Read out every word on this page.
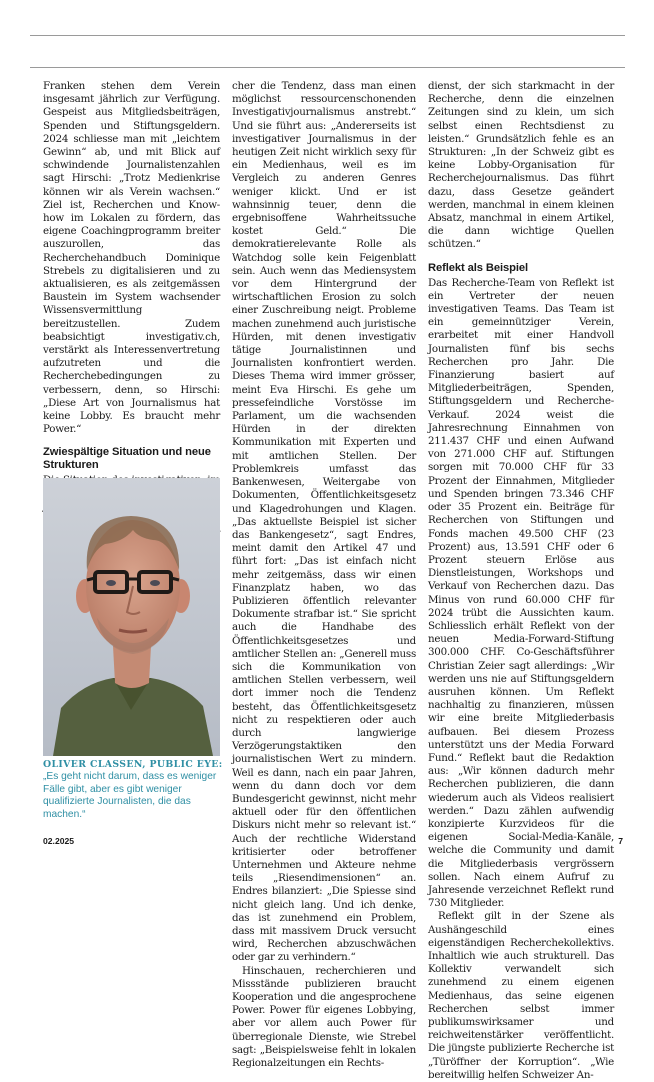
Franken stehen dem Verein insgesamt jährlich zur Verfügung. Gespeist aus Mitgliedsbeiträgen, Spenden und Stiftungsgeldern. 2024 schliesse man mit „leichtem Gewinn“ ab, und mit Blick auf schwindende Journalistenzahlen sagt Hirschi: „Trotz Medienkrise können wir als Verein wachsen.“ Ziel ist, Recherchen und Know-how im Lokalen zu fördern, das eigene Coachingprogramm breiter auszurollen, das Recherchehandbuch Dominique Strebels zu digitalisieren und zu aktualisieren, es als zeitgemässen Baustein im System wachsender Wissensvermittlung bereitzustellen. Zudem beabsichtigt investigativ.ch, verstärkt als Interessenvertretung aufzutreten und die Recherchebedingungen zu verbessern, denn, so Hirschi: „Diese Art von Journalismus hat keine Lobby. Es braucht mehr Power.“

Zwiespältige Situation und neue Strukturen

OLIVER CLASSEN, PUBLIC EYE:
„Es geht nicht darum, dass es weniger Fälle gibt, aber es gibt weniger qualifizierte Journalisten, die das machen.“

cher die Tendenz, dass man einen möglichst ressourcenschonenden Investigativjournalismus anstrebt.“ Und sie führt aus: „Andererseits ist investigativer Journalismus in der heutigen Zeit nicht wirklich sexy für ein Medienhaus, weil es im Vergleich zu anderen Genres weniger klickt. Und er ist wahnsinnig teuer, denn die ergebnisoffene Wahrheitssuche kostet Geld.“ Die demokratierelevante Rolle als Watchdog solle kein Feigenblatt sein. Auch wenn das Mediensystem vor dem Hintergrund der wirtschaftlichen Erosion zu solch einer Zuschreibung neigt. Probleme machen zunehmend auch juristische Hürden, mit denen investigativ tätige Journalistinnen und Journalisten konfrontiert werden. Dieses Thema wird immer grösser, meint Eva Hirschi. Es gehe um pressefeindliche Vorstösse im Parlament, um die wachsenden Hürden in der direkten Kommunikation mit Experten und mit amtlichen Stellen. Der Problemkreis umfasst das Bankenwesen, Weitergabe von Dokumenten, Öffentlichkeitsgesetz und Klagedrohungen und Klagen. „Das aktuellste Beispiel ist sicher das Bankengesetz“, sagt Endres, meint damit den Artikel 47 und führt fort: „Das ist einfach nicht mehr zeitgemäss, dass wir einen Finanzplatz haben, wo das Publizieren öffentlich relevanter Dokumente strafbar ist.“ Sie spricht auch die Handhabe des Öffentlichkeitsgesetzes und amtlicher Stellen an: „Generell muss sich die Kommunikation von amtlichen Stellen verbessern, weil dort immer noch die Tendenz besteht, das Öffentlichkeitsgesetz nicht zu respektieren oder auch durch langwierige Verzögerungstaktiken den journalistischen Wert zu mindern. Weil es dann, nach ein paar Jahren, wenn du dann doch vor dem Bundesgericht gewinnst, nicht mehr aktuell oder für den öffentlichen Diskurs nicht mehr so relevant ist.“ Auch der rechtliche Widerstand kritisierter oder betroffener Unternehmen und Akteure nehme teils „Riesendimensionen“ an. Endres bilanziert: „Die Spiesse sind nicht gleich lang. Und ich denke, das ist zunehmend ein Problem, dass mit massivem Druck versucht wird, Recherchen abzuschwächen oder gar zu verhindern.“

Hinschauen, recherchieren und Missstände publizieren braucht Kooperation und die angesprochene Power. Power für eigenes Lobbying, aber vor allem auch Power für überregionale Dienste, wie Strebel sagt: „Beispielsweise fehlt in lokalen Regionalzeitungen ein Rechts-

dienst, der sich starkmacht in der Recherche, denn die einzelnen Zeitungen sind zu klein, um sich selbst einen Rechtsdienst zu leisten.“ Grundsätzlich fehle es an Strukturen: „In der Schweiz gibt es keine Lobby-Organisation für Recherchejournalismus. Das führt dazu, dass Gesetze geändert werden, manchmal in einem kleinen Absatz, manchmal in einem Artikel, die dann wichtige Quellen schützen.“

Reflekt als Beispiel

Das Recherche-Team von Reflekt ist ein Vertreter der neuen investigativen Teams. Das Team ist ein gemeinnütziger Verein, erarbeitet mit einer Handvoll Journalisten fünf bis sechs Recherchen pro Jahr. Die Finanzierung basiert auf Mitgliederbeiträgen, Spenden, Stiftungsgeldern und Recherche-Verkauf. 2024 weist die Jahresrechnung Einnahmen von 211.437 CHF und einen Aufwand von 271.000 CHF auf. Stiftungen sorgen mit 70.000 CHF für 33 Prozent der Einnahmen, Mitglieder und Spenden bringen 73.346 CHF oder 35 Prozent ein. Beiträge für Recherchen von Stiftungen und Fonds machen 49.500 CHF (23 Prozent) aus, 13.591 CHF oder 6 Prozent steuern Erlöse aus Dienstleistungen, Workshops und Verkauf von Recherchen dazu. Das Minus von rund 60.000 CHF für 2024 trübt die Aussichten kaum. Schliesslich erhält Reflekt von der neuen Media-Forward-Stiftung 300.000 CHF. Co-Geschäftsführer Christian Zeier sagt allerdings: „Wir werden uns nie auf Stiftungsgeldern ausruhen können. Um Reflekt nachhaltig zu finanzieren, müssen wir eine breite Mitgliederbasis aufbauen. Bei diesem Prozess unterstützt uns der Media Forward Fund.“ Reflekt baut die Redaktion aus: „Wir können dadurch mehr Recherchen publizieren, die dann wiederum auch als Videos realisiert werden.“ Dazu zählen aufwendig konzipierte Kurzvideos für die eigenen Social-Media-Kanäle, welche die Community und damit die Mitgliederbasis vergrössern sollen. Nach einem Aufruf zu Jahresende verzeichnet Reflekt rund 730 Mitglieder.

Reflekt gilt in der Szene als Aushängeschild eines eigenständigen Recherchekollektivs. Inhaltlich wie auch strukturell. Das Kollektiv verwandelt sich zunehmend zu einem eigenen Medienhaus, das seine eigenen Recherchen selbst immer publikumswirksamer und reichweitenstärker veröffentlicht. Die jüngste publizierte Recherche ist „Türöffner der Korruption“. „Wie bereitwillig helfen Schweizer An-

02.2025	7
